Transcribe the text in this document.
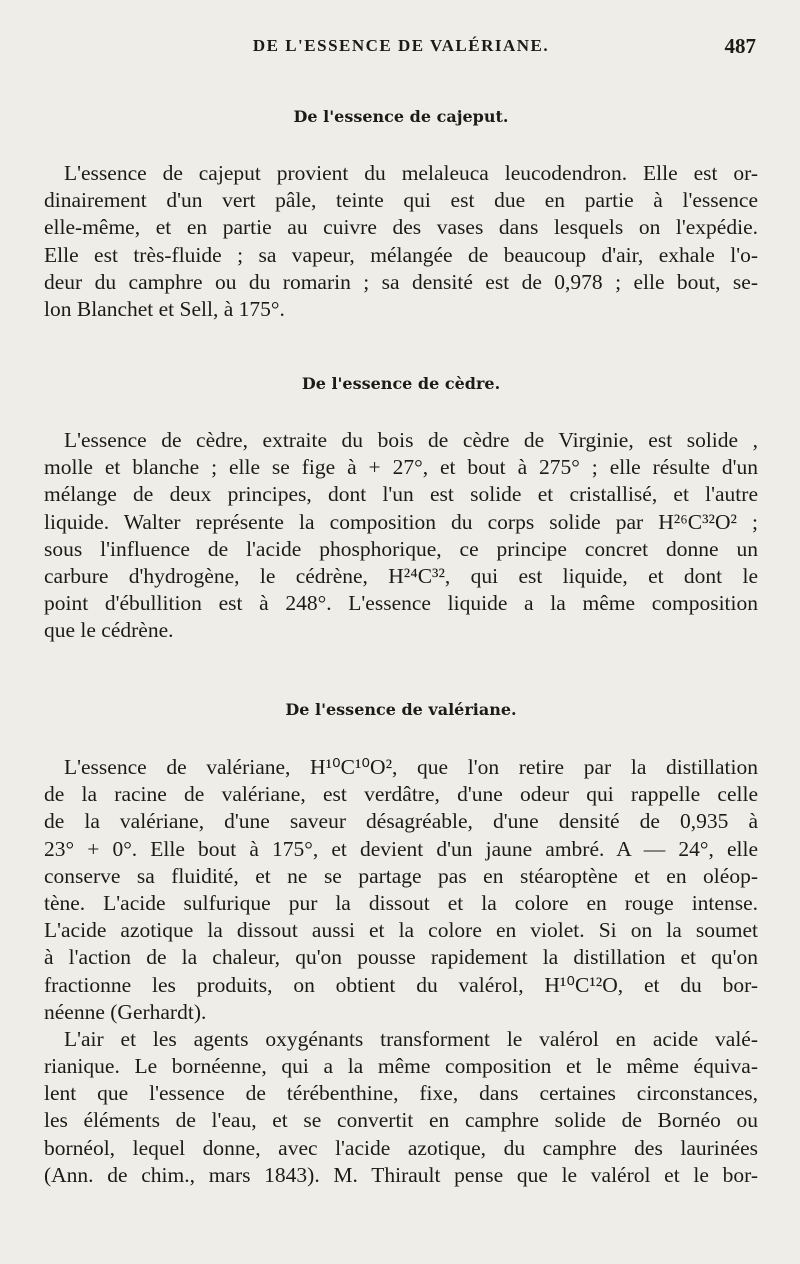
DE L'ESSENCE DE VALÉRIANE.	487
De l'essence de cajeput.
L'essence de cajeput provient du melaleuca leucodendron. Elle est or-
dinairement d'un vert pâle, teinte qui est due en partie à l'essence
elle-même, et en partie au cuivre des vases dans lesquels on l'expédie.
Elle est très-fluide ; sa vapeur, mélangée de beaucoup d'air, exhale l'o-
deur du camphre ou du romarin ; sa densité est de 0,978 ; elle bout, se-
lon Blanchet et Sell, à 175°.
De l'essence de cèdre.
L'essence de cèdre, extraite du bois de cèdre de Virginie, est solide ,
molle et blanche ; elle se fige à + 27°, et bout à 275° ; elle résulte d'un
mélange de deux principes, dont l'un est solide et cristallisé, et l'autre
liquide. Walter représente la composition du corps solide par H²⁶C³²O² ;
sous l'influence de l'acide phosphorique, ce principe concret donne un
carbure d'hydrogène, le cédrène, H²⁴C³², qui est liquide, et dont le
point d'ébullition est à 248°. L'essence liquide a la même composition
que le cédrène.
De l'essence de valériane.
L'essence de valériane, H¹⁰C¹⁰O², que l'on retire par la distillation
de la racine de valériane, est verdâtre, d'une odeur qui rappelle celle
de la valériane, d'une saveur désagréable, d'une densité de 0,935 à
23° + 0°. Elle bout à 175°, et devient d'un jaune ambré. A — 24°, elle
conserve sa fluidité, et ne se partage pas en stéaroptène et en oléop-
tène. L'acide sulfurique pur la dissout et la colore en rouge intense.
L'acide azotique la dissout aussi et la colore en violet. Si on la soumet
à l'action de la chaleur, qu'on pousse rapidement la distillation et qu'on
fractionne les produits, on obtient du valérol, H¹⁰C¹²O, et du bor-
néenne (Gerhardt).
L'air et les agents oxygénants transforment le valérol en acide valé-
rianique. Le bornéenne, qui a la même composition et le même équiva-
lent que l'essence de térébenthine, fixe, dans certaines circonstances,
les éléments de l'eau, et se convertit en camphre solide de Bornéo ou
bornéol, lequel donne, avec l'acide azotique, du camphre des laurinées
(Ann. de chim., mars 1843). M. Thirault pense que le valérol et le bor-
